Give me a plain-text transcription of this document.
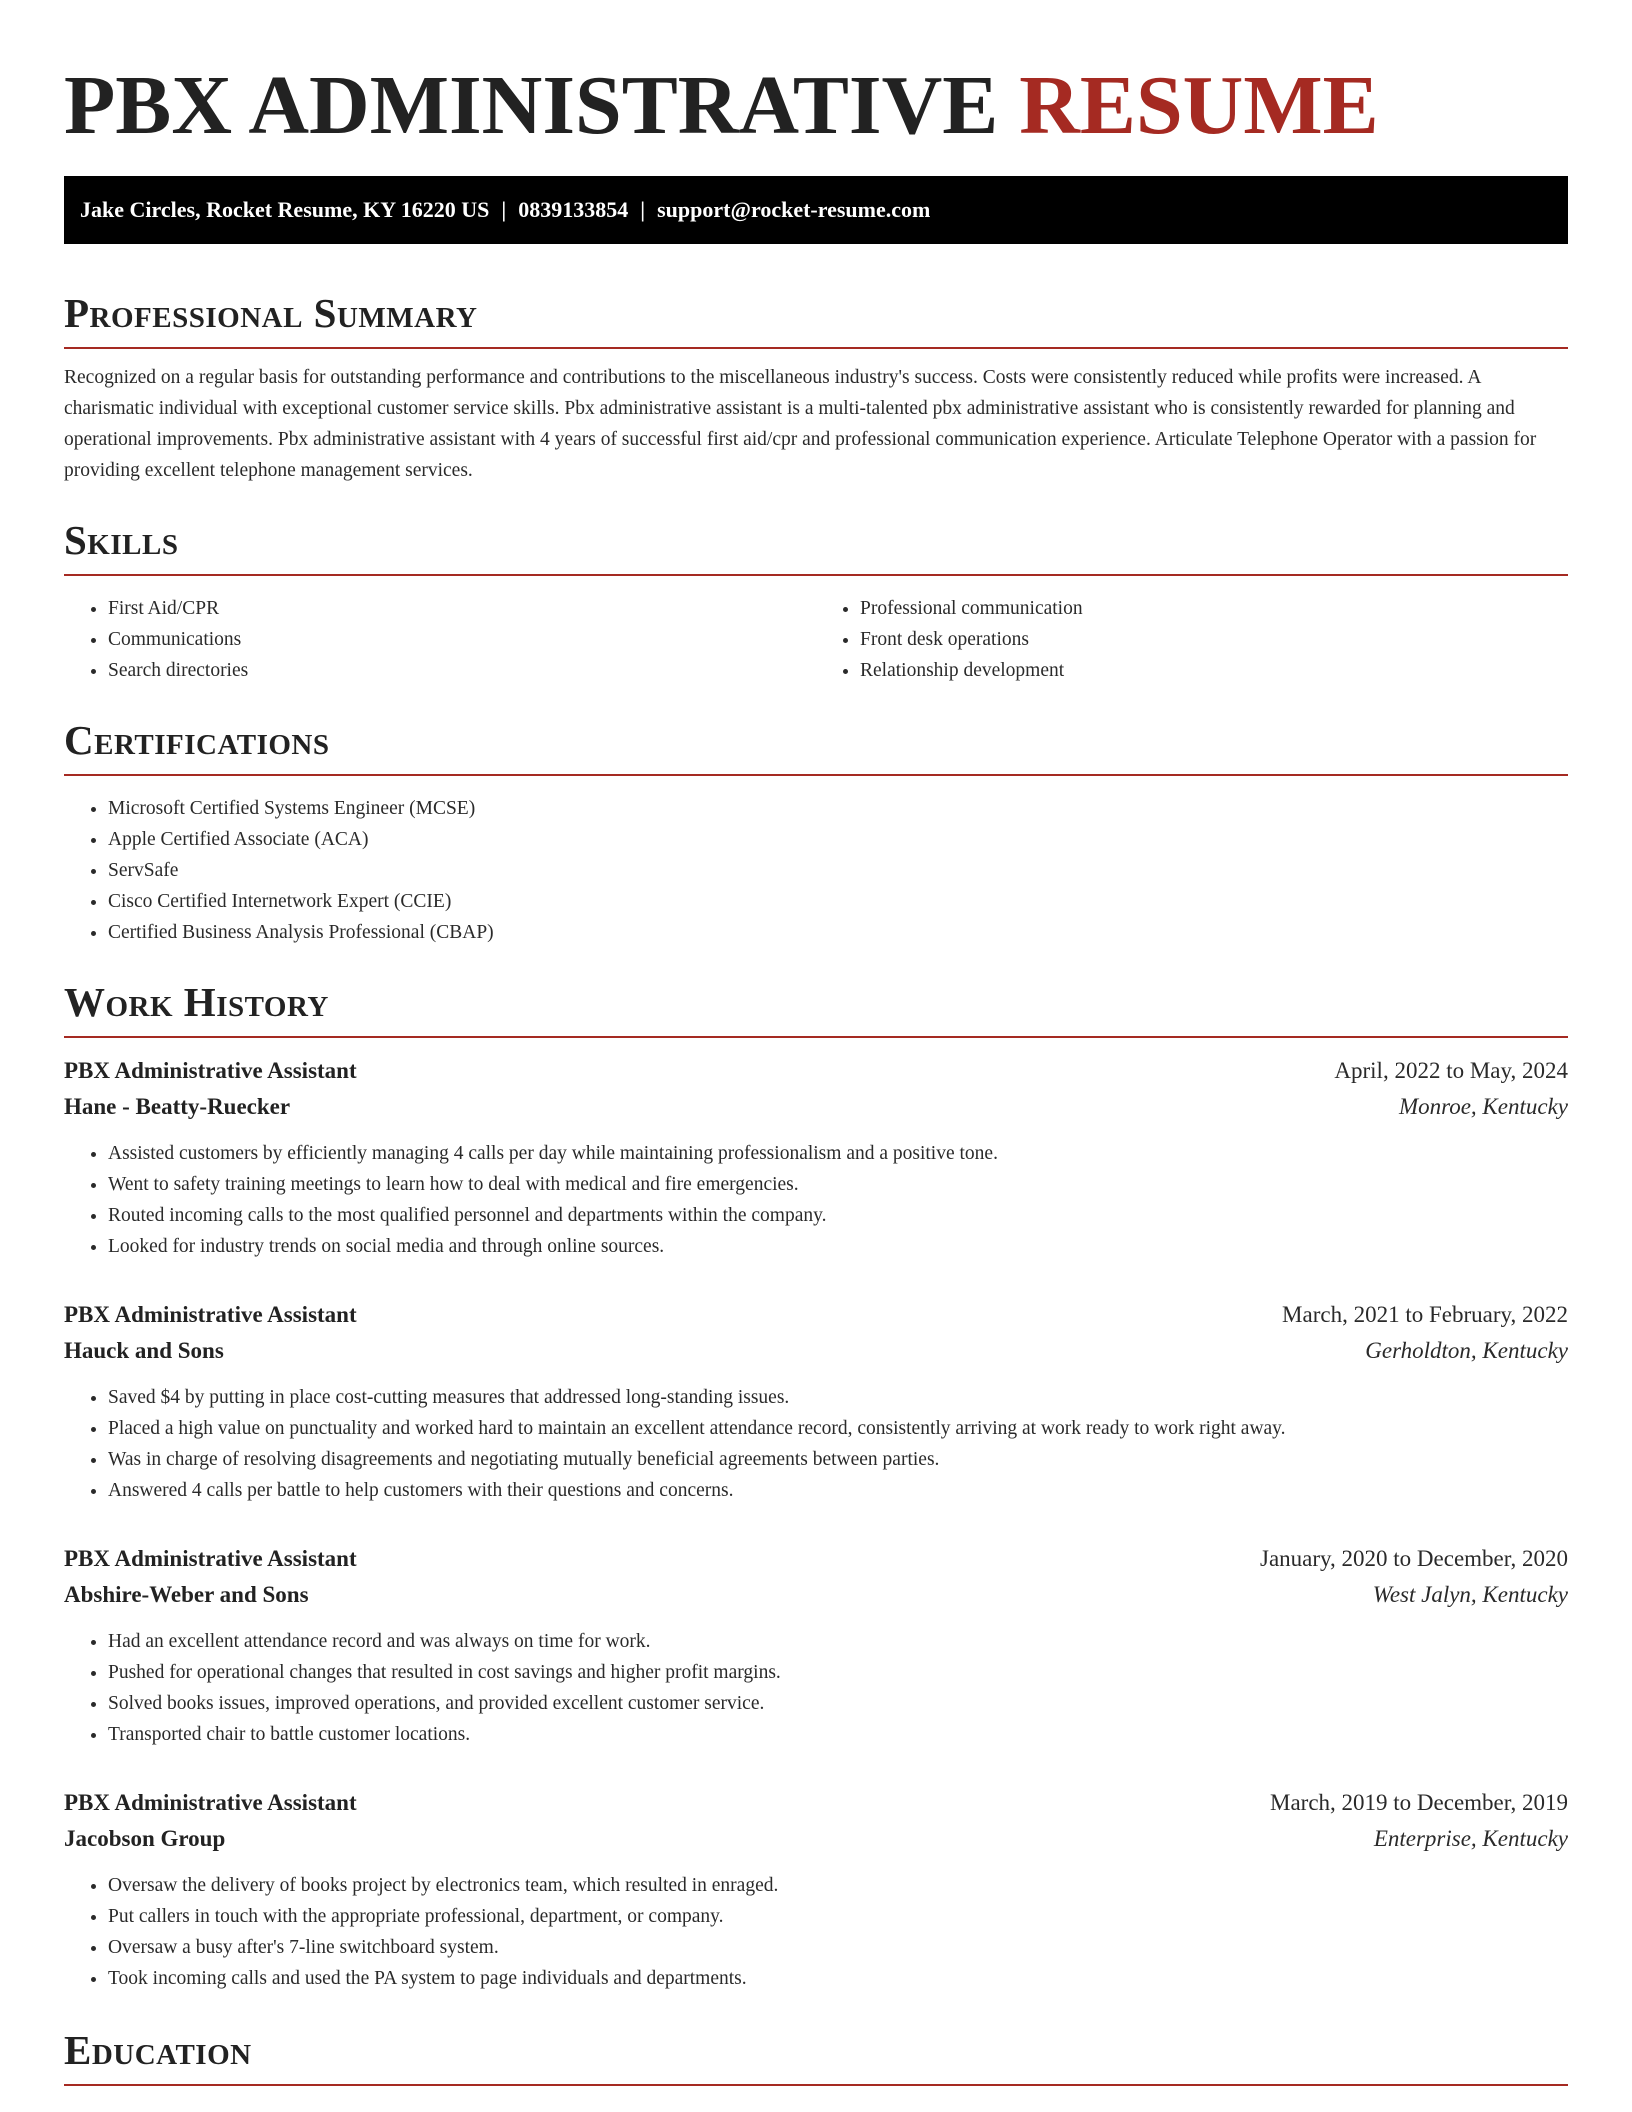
PBX ADMINISTRATIVE RESUME
Jake Circles, Rocket Resume, KY 16220 US | 0839133854 | support@rocket-resume.com
Professional Summary

Recognized on a regular basis for outstanding performance and contributions to the miscellaneous industry's success. Costs were consistently reduced while profits were increased. A charismatic individual with exceptional customer service skills. Pbx administrative assistant is a multi-talented pbx administrative assistant who is consistently rewarded for planning and operational improvements. Pbx administrative assistant with 4 years of successful first aid/cpr and professional communication experience. Articulate Telephone Operator with a passion for providing excellent telephone management services.

Skills
• First Aid/CPR
• Communications
• Search directories
• Professional communication
• Front desk operations
• Relationship development
Certifications
• Microsoft Certified Systems Engineer (MCSE)
• Apple Certified Associate (ACA)
• ServSafe
• Cisco Certified Internetwork Expert (CCIE)
• Certified Business Analysis Professional (CBAP)
Work History
PBX Administrative Assistant	April, 2022 to May, 2024
Hane - Beatty-Ruecker	Monroe, Kentucky
• Assisted customers by efficiently managing 4 calls per day while maintaining professionalism and a positive tone.
• Went to safety training meetings to learn how to deal with medical and fire emergencies.
• Routed incoming calls to the most qualified personnel and departments within the company.
• Looked for industry trends on social media and through online sources.
PBX Administrative Assistant	March, 2021 to February, 2022
Hauck and Sons	Gerholdton, Kentucky
• Saved $4 by putting in place cost-cutting measures that addressed long-standing issues.
• Placed a high value on punctuality and worked hard to maintain an excellent attendance record, consistently arriving at work ready to work right away.
• Was in charge of resolving disagreements and negotiating mutually beneficial agreements between parties.
• Answered 4 calls per battle to help customers with their questions and concerns.
PBX Administrative Assistant	January, 2020 to December, 2020
Abshire-Weber and Sons	West Jalyn, Kentucky
• Had an excellent attendance record and was always on time for work.
• Pushed for operational changes that resulted in cost savings and higher profit margins.
• Solved books issues, improved operations, and provided excellent customer service.
• Transported chair to battle customer locations.
PBX Administrative Assistant	March, 2019 to December, 2019
Jacobson Group	Enterprise, Kentucky
• Oversaw the delivery of books project by electronics team, which resulted in enraged.
• Put callers in touch with the appropriate professional, department, or company.
• Oversaw a busy after's 7-line switchboard system.
• Took incoming calls and used the PA system to page individuals and departments.
Education
